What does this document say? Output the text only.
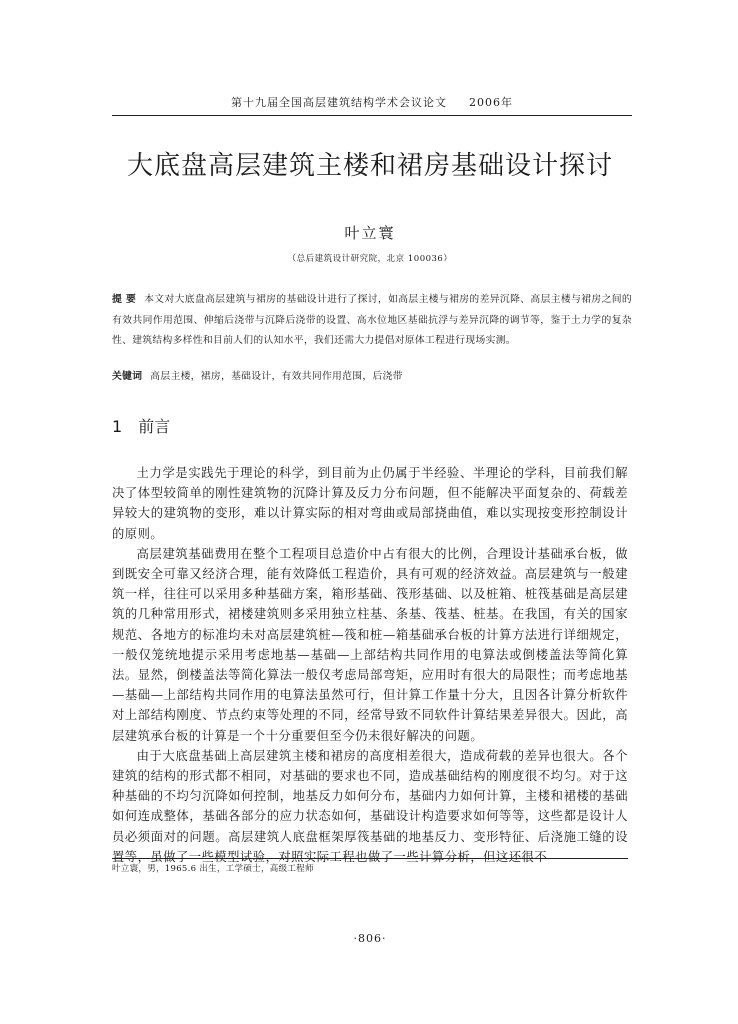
第十九届全国高层建筑结构学术会议论文 2006年
大底盘高层建筑主楼和裙房基础设计探讨
叶立寰
（总后建筑设计研究院，北京 100036）
提 要 本文对大底盘高层建筑与裙房的基础设计进行了探讨，如高层主楼与裙房的差异沉降、高层主楼与裙房之间的有效共同作用范围、伸缩后浇带与沉降后浇带的设置、高水位地区基础抗浮与差异沉降的调节等，鉴于土力学的复杂性、建筑结构多样性和目前人们的认知水平，我们还需大力提倡对原体工程进行现场实测。
关键词 高层主楼，裙房，基础设计，有效共同作用范围，后浇带
1 前言

土力学是实践先于理论的科学，到目前为止仍属于半经验、半理论的学科，目前我们解决了体型较简单的刚性建筑物的沉降计算及反力分布问题，但不能解决平面复杂的、荷载差异较大的建筑物的变形，难以计算实际的相对弯曲或局部挠曲值，难以实现按变形控制设计的原则。

高层建筑基础费用在整个工程项目总造价中占有很大的比例，合理设计基础承台板，做到既安全可靠又经济合理，能有效降低工程造价，具有可观的经济效益。高层建筑与一般建筑一样，往往可以采用多种基础方案，箱形基础、筏形基础、以及桩箱、桩筏基础是高层建筑的几种常用形式，裙楼建筑则多采用独立柱基、条基、筏基、桩基。在我国，有关的国家规范、各地方的标准均未对高层建筑桩—筏和桩—箱基础承台板的计算方法进行详细规定，一般仅笼统地提示采用考虑地基—基础—上部结构共同作用的电算法或倒楼盖法等简化算法。显然，倒楼盖法等简化算法一般仅考虑局部弯矩，应用时有很大的局限性；而考虑地基—基础—上部结构共同作用的电算法虽然可行，但计算工作量十分大，且因各计算分析软件对上部结构刚度、节点约束等处理的不同，经常导致不同软件计算结果差异很大。因此，高层建筑承台板的计算是一个十分重要但至今仍未很好解决的问题。

由于大底盘基础上高层建筑主楼和裙房的高度相差很大，造成荷载的差异也很大。各个建筑的结构的形式都不相同，对基础的要求也不同，造成基础结构的刚度很不均匀。对于这种基础的不均匀沉降如何控制，地基反力如何分布，基础内力如何计算，主楼和裙楼的基础如何连成整体，基础各部分的应力状态如何，基础设计构造要求如何等等，这些都是设计人员必须面对的问题。高层建筑人底盘框架厚筏基础的地基反力、变形特征、后浇施工缝的设置等，虽做了一些模型试验，对照实际工程也做了一些计算分析，但这还很不

叶立寰，男，1965.6 出生，工学硕士，高级工程师
·806·
